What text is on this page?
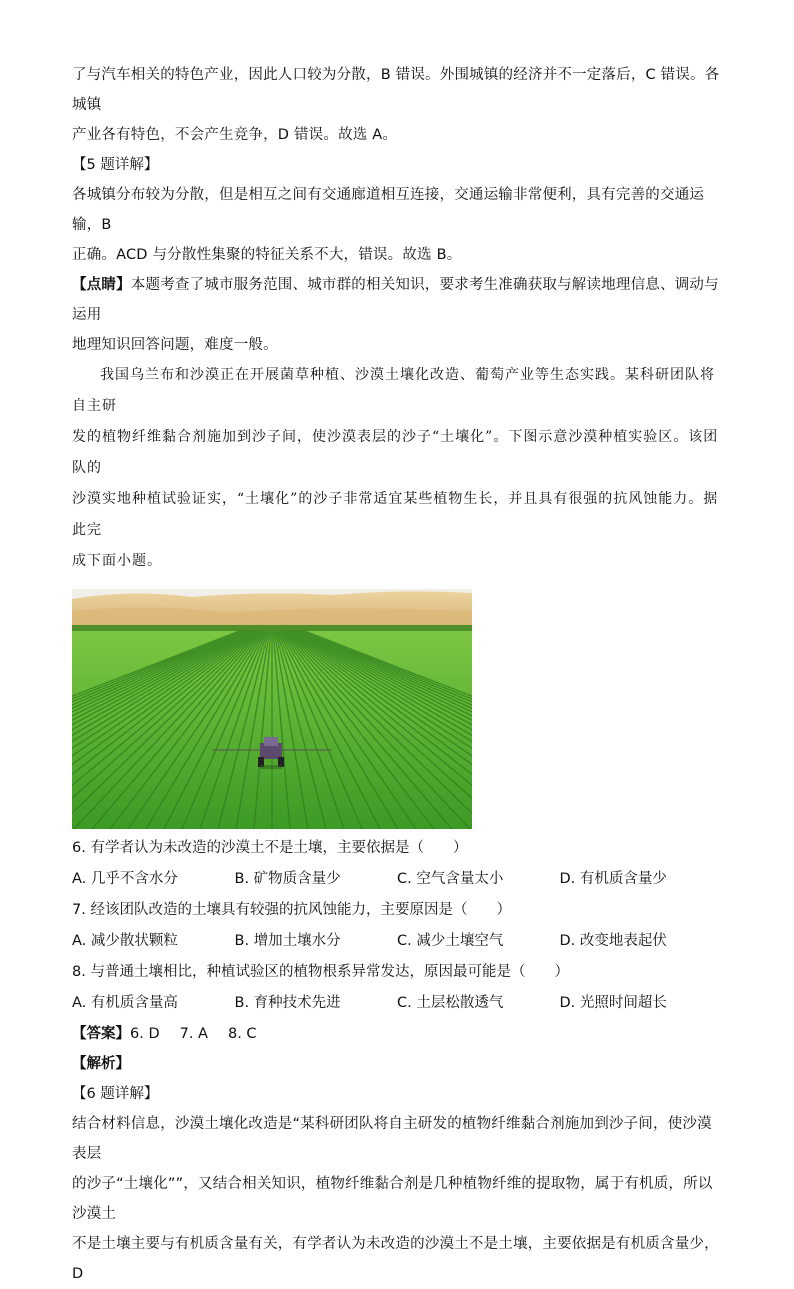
了与汽车相关的特色产业，因此人口较为分散，B 错误。外围城镇的经济并不一定落后，C 错误。各城镇

产业各有特色，不会产生竞争，D 错误。故选 A。

【5 题详解】

各城镇分布较为分散，但是相互之间有交通廊道相互连接，交通运输非常便利，具有完善的交通运输，B

正确。ACD 与分散性集聚的特征关系不大，错误。故选 B。

【点睛】本题考查了城市服务范围、城市群的相关知识，要求考生准确获取与解读地理信息、调动与运用

地理知识回答问题，难度一般。

我国乌兰布和沙漠正在开展菌草种植、沙漠土壤化改造、葡萄产业等生态实践。某科研团队将自主研

发的植物纤维黏合剂施加到沙子间，使沙漠表层的沙子“土壤化”。下图示意沙漠种植实验区。该团队的

沙漠实地种植试验证实，“土壤化”的沙子非常适宜某些植物生长，并且具有很强的抗风蚀能力。据此完

成下面小题。

6. 有学者认为未改造的沙漠土不是土壤，主要依据是（　　）

A. 几乎不含水分	B. 矿物质含量少	C. 空气含量太小	D. 有机质含量少

7. 经该团队改造的土壤具有较强的抗风蚀能力，主要原因是（　　）

A. 减少散状颗粒	B. 增加土壤水分	C. 减少土壤空气	D. 改变地表起伏

8. 与普通土壤相比，种植试验区的植物根系异常发达，原因最可能是（　　）

A. 有机质含量高	B. 育种技术先进	C. 土层松散透气	D. 光照时间超长

【答案】6. D 7. A 8. C

【解析】

【6 题详解】

结合材料信息，沙漠土壤化改造是“某科研团队将自主研发的植物纤维黏合剂施加到沙子间，使沙漠表层

的沙子“土壤化””，又结合相关知识，植物纤维黏合剂是几种植物纤维的提取物，属于有机质，所以沙漠土

不是土壤主要与有机质含量有关，有学者认为未改造的沙漠土不是土壤，主要依据是有机质含量少，D
